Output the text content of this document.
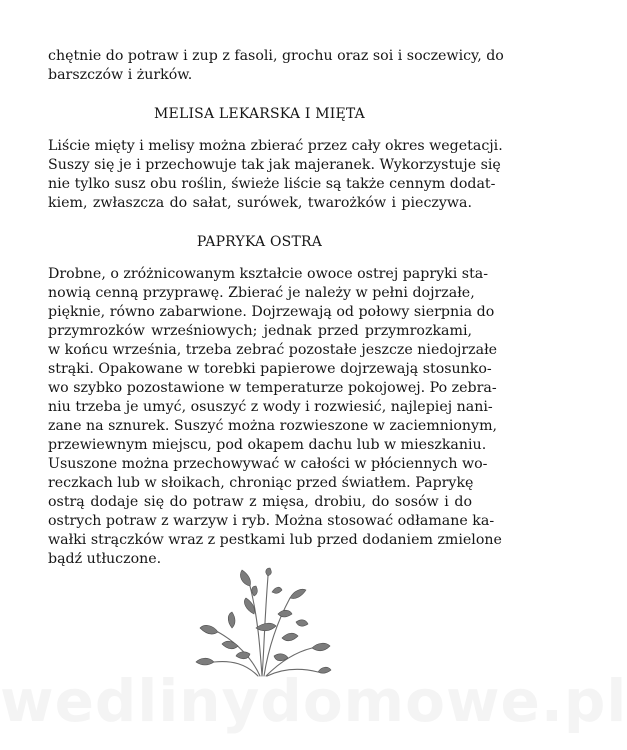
chętnie do potraw i zup z fasoli, grochu oraz soi i soczewicy, do
barszczów i żurków.
MELISA LEKARSKA I MIĘTA
Liście mięty i melisy można zbierać przez cały okres wegetacji.
Suszy się je i przechowuje tak jak majeranek. Wykorzystuje się
nie tylko susz obu roślin, świeże liście są także cennym dodat-
kiem, zwłaszcza do sałat, surówek, twarożków i pieczywa.
PAPRYKA OSTRA
Drobne, o zróżnicowanym kształcie owoce ostrej papryki sta-
nowią cenną przyprawę. Zbierać je należy w pełni dojrzałe,
pięknie, równo zabarwione. Dojrzewają od połowy sierpnia do
przymrozków wrześniowych; jednak przed przymrozkami,
w końcu września, trzeba zebrać pozostałe jeszcze niedojrzałe
strąki. Opakowane w torebki papierowe dojrzewają stosunko-
wo szybko pozostawione w temperaturze pokojowej. Po zebra-
niu trzeba je umyć, osuszyć z wody i rozwiesić, najlepiej nani-
zane na sznurek. Suszyć można rozwieszone w zaciemnionym,
przewiewnym miejscu, pod okapem dachu lub w mieszkaniu.
Ususzone można przechowywać w całości w płóciennych wo-
reczkach lub w słoikach, chroniąc przed światłem. Paprykę
ostrą dodaje się do potraw z mięsa, drobiu, do sosów i do
ostrych potraw z warzyw i ryb. Można stosować odłamane ka-
wałki strączków wraz z pestkami lub przed dodaniem zmielone
bądź utłuczone.
wedlinydomowe.pl
